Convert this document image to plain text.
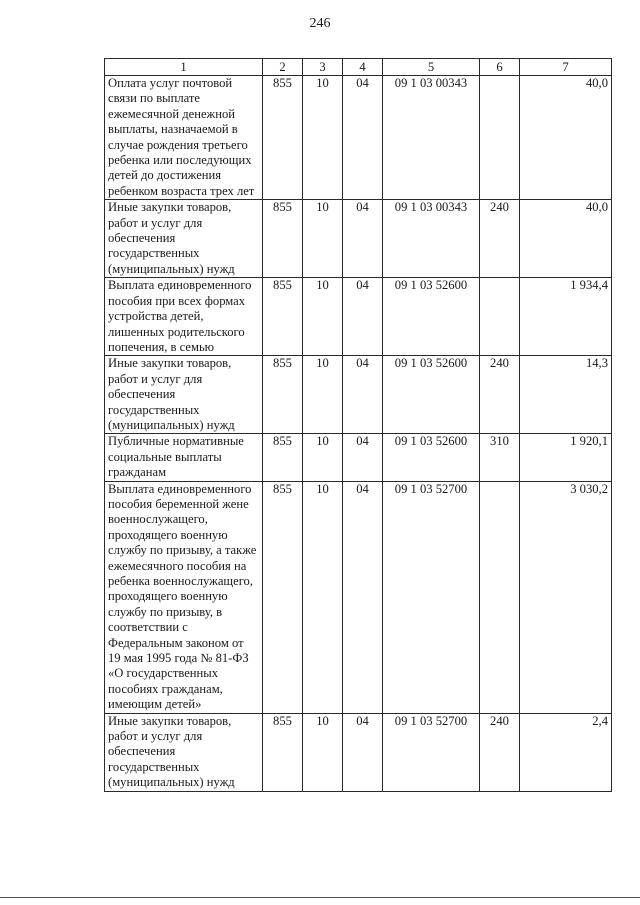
246
1	2	3	4	5	6	7
Оплата услуг почтовой связи по выплате ежемесячной денежной выплаты, назначаемой в случае рождения третьего ребенка или последующих детей до достижения ребенком возраста трех лет	855	10	04	09 1 03 00343		40,0
Иные закупки товаров, работ и услуг для обеспечения государственных (муниципальных) нужд	855	10	04	09 1 03 00343	240	40,0
Выплата единовременного пособия при всех формах устройства детей, лишенных родительского попечения, в семью	855	10	04	09 1 03 52600		1 934,4
Иные закупки товаров, работ и услуг для обеспечения государственных (муниципальных) нужд	855	10	04	09 1 03 52600	240	14,3
Публичные нормативные социальные выплаты гражданам	855	10	04	09 1 03 52600	310	1 920,1
Выплата единовременного пособия беременной жене военнослужащего, проходящего военную службу по призыву, а также ежемесячного пособия на ребенка военнослужащего, проходящего военную службу по призыву, в соответствии с Федеральным законом от 19 мая 1995 года № 81-ФЗ «О государственных пособиях гражданам, имеющим детей»	855	10	04	09 1 03 52700		3 030,2
Иные закупки товаров, работ и услуг для обеспечения государственных (муниципальных) нужд	855	10	04	09 1 03 52700	240	2,4
